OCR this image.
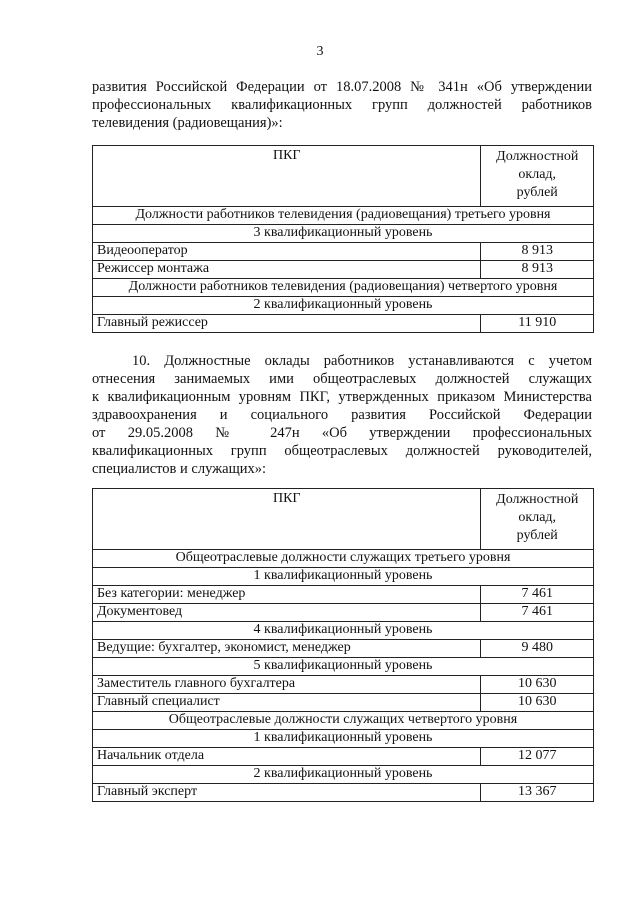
3
развития Российской Федерации от 18.07.2008 № 341н «Об утверждении
профессиональных квалификационных групп должностей работников
телевидения (радиовещания)»:
ПКГ	Должностной
оклад,
рублей

Должности работников телевидения (радиовещания) третьего уровня	
3 квалификационный уровень	
Видеооператор	8 913
Режиссер монтажа	8 913
Должности работников телевидения (радиовещания) четвертого уровня	
2 квалификационный уровень	
Главный режиссер	11 910
10. Должностные оклады работников устанавливаются с учетом
отнесения занимаемых ими общеотраслевых должностей служащих
к квалификационным уровням ПКГ, утвержденных приказом Министерства
здравоохранения и социального развития Российской Федерации
от 29.05.2008 № 247н «Об утверждении профессиональных
квалификационных групп общеотраслевых должностей руководителей,
специалистов и служащих»:
ПКГ	Должностной
оклад,
рублей

Общеотраслевые должности служащих третьего уровня	
1 квалификационный уровень	
Без категории: менеджер	7 461
Документовед	7 461
4 квалификационный уровень	
Ведущие: бухгалтер, экономист, менеджер	9 480
5 квалификационный уровень	
Заместитель главного бухгалтера	10 630
Главный специалист	10 630
Общеотраслевые должности служащих четвертого уровня	
1 квалификационный уровень	
Начальник отдела	12 077
2 квалификационный уровень	
Главный эксперт	13 367
